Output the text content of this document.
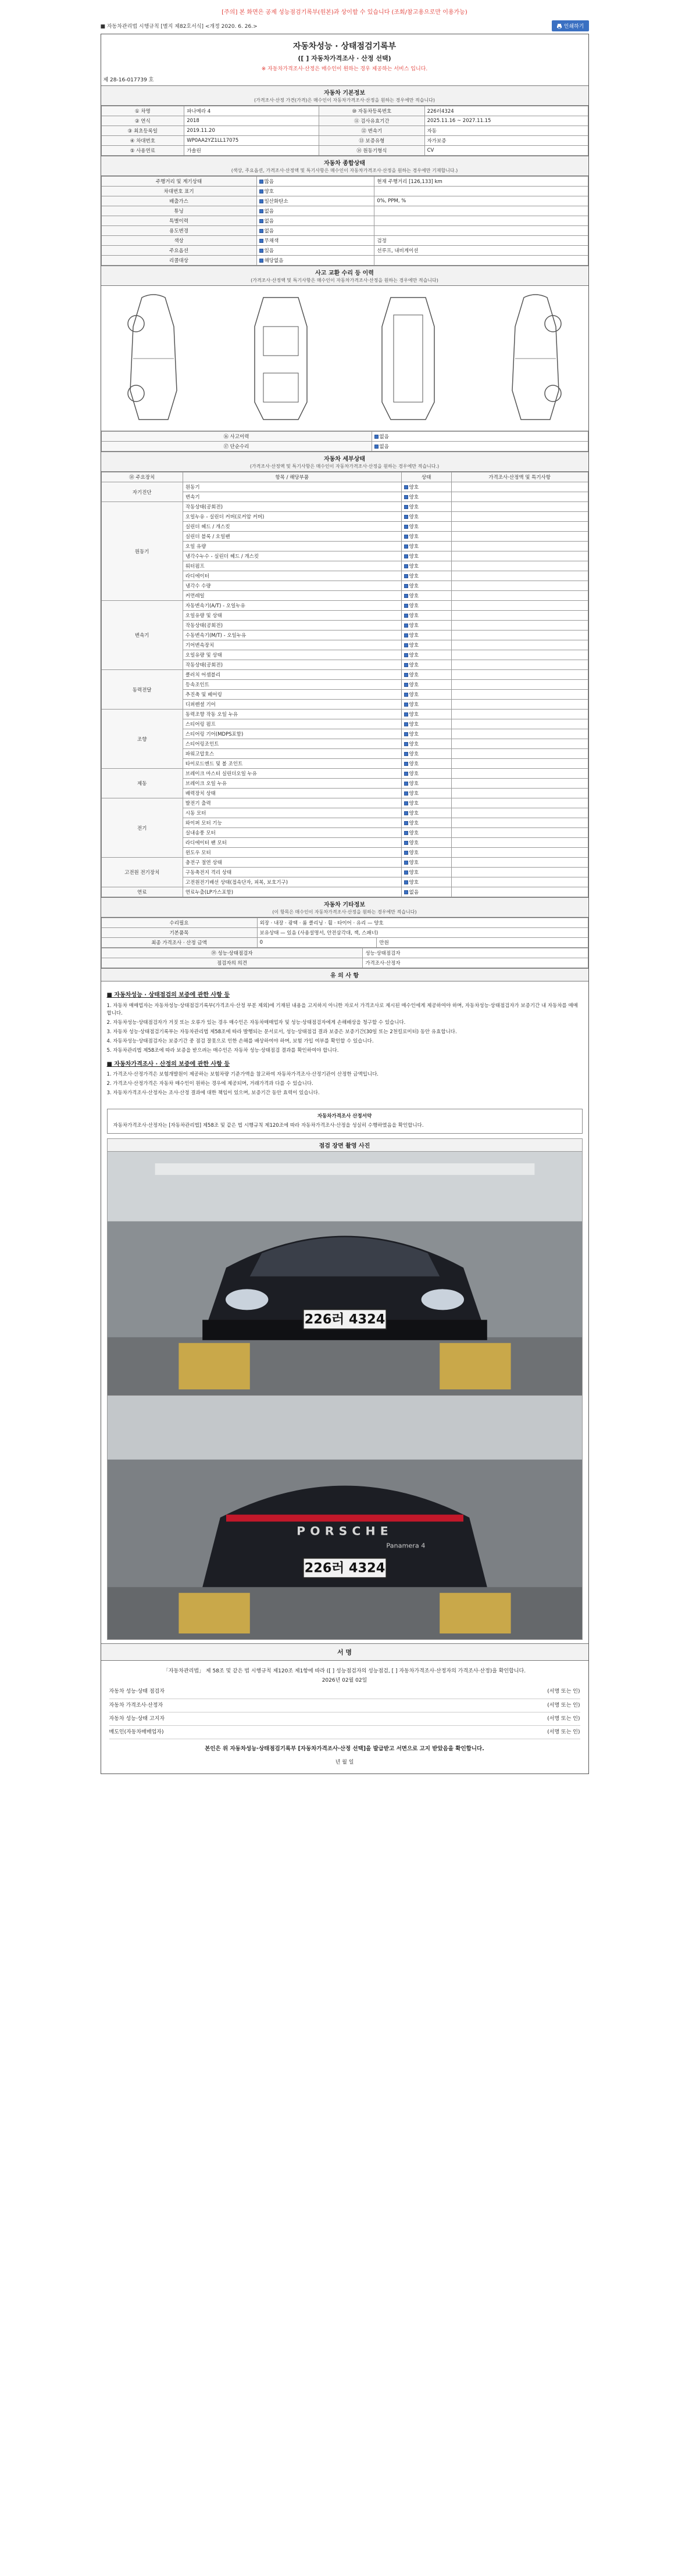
[주의] 본 화면은 공제 성능점검기록부(원본)과 상이할 수 있습니다 (조회/참고용으로만 이용가능)
■ 자동차관리법 시행규칙 [별지 제82호서식] <개정 2020. 6. 26.>	인쇄하기
자동차성능 · 상태점검기록부
([ ] 자동차가격조사 · 산정 선택)
※ 자동차가격조사·산정은 매수인이 원하는 경우 제공하는 서비스 입니다.
제 28-16-017739 호
자동차 기본정보
(가격조사·산정 가견(가격)은 매수인이 자동차가격조사·산정을 원하는 경우에만 적습니다)
① 차명	파나메라 4	⑩ 자동차등록번호	226러4324
② 연식	2018	⑪ 검사유효기간	2025.11.16 ~ 2027.11.15
③ 최초등록일	2019.11.20	⑫ 변속기	자동
④ 차대번호	WP0AA2YZ1LL17075	⑬ 보증유형	자가보증
⑤ 사용연료	가솔린	⑭ 원동기형식	CV
자동차 종합상태
(색상, 주요옵션, 가격조사·산정액 및 특기사항은 매수인이 자동차가격조사·산정을 원하는 경우에만 기재합니다.)
주행거리 및 계기상태	많음	현재 주행거리 [126,133] km
차대번호 표기	양호	
배출가스	일산화탄소	0%, PPM, %
튜닝	없음	
특별이력	없음	
용도변경	없음	
색상	무채색	검정
주요옵션	있음	선루프, 내비게이션
리콜대상	해당없음	
사고 교환 수리 등 이력
(가격조사·산정액 및 특기사항은 매수인이 자동차가격조사·산정을 원하는 경우에만 적습니다)
⑯ 사고이력	없음
⑰ 단순수리	없음
자동차 세부상태
(가격조사·산정액 및 특기사항은 매수인이 자동차가격조사·산정을 원하는 경우에만 적습니다.)
⑱ 주요장치	항목 / 해당부품	상태	가격조사·산정액 및 특기사항
자기진단	원동기	양호	
	변속기	양호	
원동기	작동상태(공회전)	양호	
	오일누유 - 실린더 커버(로커암 커버)	양호	
	실린더 헤드 / 개스킷	양호	
	실린더 블록 / 오일팬	양호	
	오일 유량	양호	
	냉각수누수 - 실린더 헤드 / 개스킷	양호	
	워터펌프	양호	
	라디에이터	양호	
	냉각수 수량	양호	
	커먼레일	양호	
변속기	자동변속기(A/T) - 오일누유	양호	
	오일유량 및 상태	양호	
	작동상태(공회전)	양호	
	수동변속기(M/T) - 오일누유	양호	
	기어변속장치	양호	
	오일유량 및 상태	양호	
	작동상태(공회전)	양호	
동력전달	클러치 어셈블리	양호	
	등속조인트	양호	
	추진축 및 베어링	양호	
	디퍼렌셜 기어	양호	
조향	동력조향 작동 오일 누유	양호	
	스티어링 펌프	양호	
	스티어링 기어(MDPS포함)	양호	
	스티어링조인트	양호	
	파워고압호스	양호	
	타이로드엔드 및 볼 조인트	양호	
제동	브레이크 마스터 실린더오일 누유	양호	
	브레이크 오일 누유	양호	
	배력장치 상태	양호	
전기	발전기 출력	양호	
	시동 모터	양호	
	와이퍼 모터 기능	양호	
	실내송풍 모터	양호	
	라디에이터 팬 모터	양호	
	윈도우 모터	양호	
고전원 전기장치	충전구 절연 상태	양호	
	구동축전지 격리 상태	양호	
	고전원전기배선 상태(접속단자, 피복, 보호기구)	양호	
연료	연료누출(LP가스포함)	없음	
자동차 기타정보
(이 항목은 매수인이 자동차가격조사·산정을 원하는 경우에만 적습니다)
수리필요	외장 · 내장 · 광택 · 룸 클리닝 · 휠 · 타이어 · 유리 — 양호	
기본품목	보유상태 — 있음 (사용설명서, 안전삼각대, 잭, 스패너)	
최종 가격조사 · 산정 금액	0	만원
⑲ 성능·상태점검자	성능·상태점검자
점검자의 의견	가격조사·산정자
유 의 사 항
■ 자동차성능 · 상태점검의 보증에 관한 사항 등

1. 자동차 매매업자는 자동차성능·상태점검기록부(가격조사·산정 부분 제외)에 기재된 내용을 고지하지 아니한 자로서 가격조사로 제시된 매수인에게 제공하여야 하며, 자동차성능·상태점검자가 보증기간 내 자동차를 매매합니다.

2. 자동차성능·상태점검자가 거짓 또는 오류가 있는 경우 매수인은 자동차매매업자 및 성능·상태점검자에게 손해배상을 청구할 수 있습니다.

3. 자동차 성능·상태점검기록부는 자동차관리법 제58조에 따라 발행되는 문서로서, 성능·상태점검 결과 보증은 보증기간(30일 또는 2천킬로미터) 동안 유효합니다.

4. 자동차성능·상태점검자는 보증기간 중 점검 잘못으로 인한 손해를 배상하여야 하며, 보험 가입 여부를 확인할 수 있습니다.

5. 자동차관리법 제58조에 따라 보증을 받으려는 매수인은 자동차 성능·상태점검 결과를 확인하여야 합니다.

■ 자동차가격조사 · 산정의 보증에 관한 사항 등

1. 가격조사·산정가격은 보험개발원이 제공하는 보험차량 기준가액을 참고하여 자동차가격조사·산정기관이 산정한 금액입니다.

2. 가격조사·산정가격은 자동차 매수인이 원하는 경우에 제공되며, 거래가격과 다를 수 있습니다.

3. 자동차가격조사·산정자는 조사·산정 결과에 대한 책임이 있으며, 보증기간 동안 효력이 있습니다.

자동차가격조사 산정서약
자동차가격조사·산정자는 [자동차관리법] 제58조 및 같은 법 시행규칙 제120조에 따라 자동차가격조사·산정을 성실히 수행하였음을 확인합니다.
점검 장면 촬영 사진
226러 4324
PORSCHE
Panamera 4
226러 4324
서 명
「자동차관리법」 제 58조 및 같은 법 시행규칙 제120조 제1항에 따라 ([ ] 성능점검자의 성능점검, [ ] 자동차가격조사·산정자의 가격조사·산정)을 확인합니다.
2026년 02월 02일
자동차 성능·상태 점검자	(서명 또는 인)
자동차 가격조사·산정자	(서명 또는 인)
자동차 성능·상태 고지자	(서명 또는 인)
매도인(자동차매매업자)	(서명 또는 인)
본인은 위 자동차성능·상태점검기록부 [자동차가격조사·산정 선택]을 발급받고 서면으로 고지 받았음을 확인합니다.
년 월 일
